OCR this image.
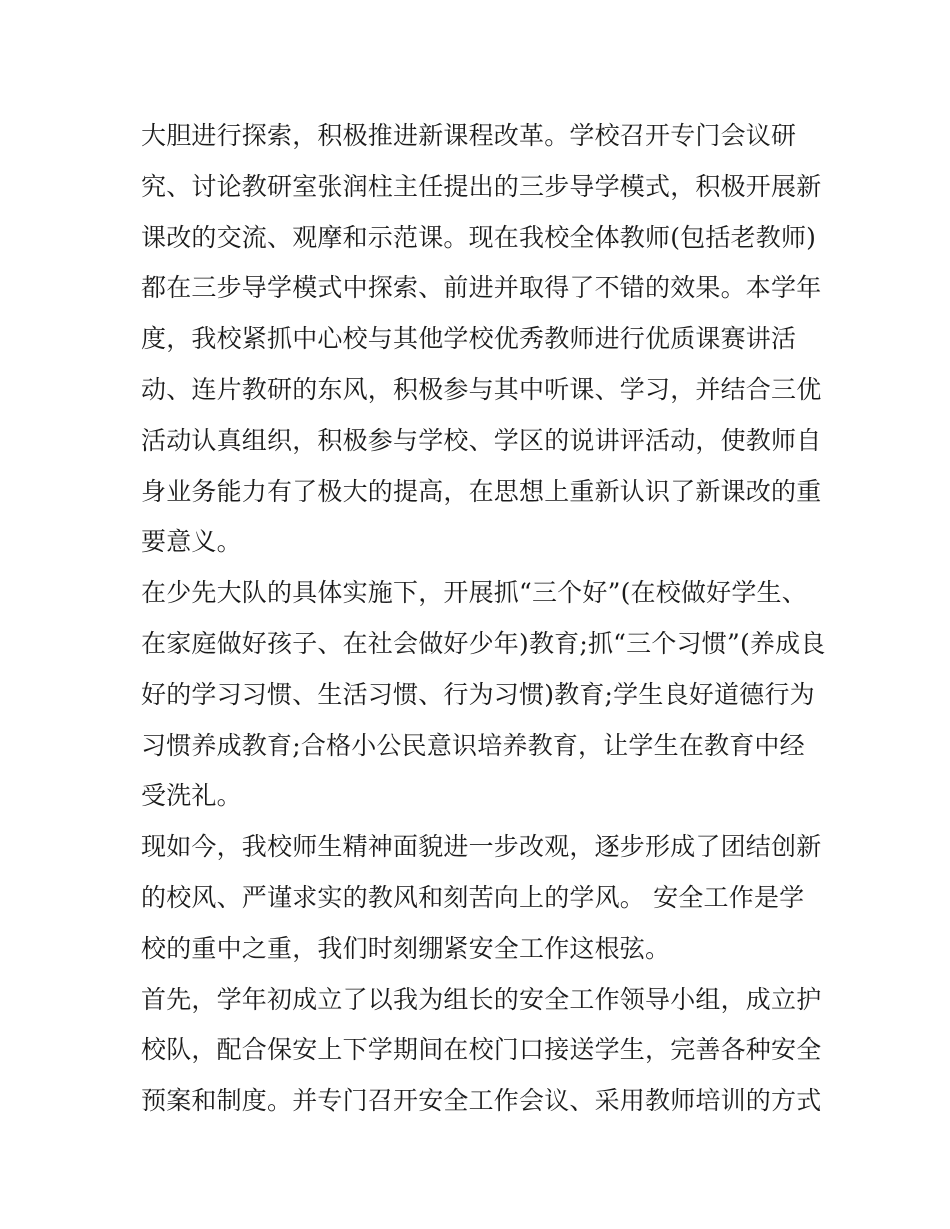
大胆进行探索，积极推进新课程改革。学校召开专门会议研
究、讨论教研室张润柱主任提出的三步导学模式，积极开展新
课改的交流、观摩和示范课。现在我校全体教师(包括老教师)
都在三步导学模式中探索、前进并取得了不错的效果。本学年
度，我校紧抓中心校与其他学校优秀教师进行优质课赛讲活
动、连片教研的东风，积极参与其中听课、学习，并结合三优
活动认真组织，积极参与学校、学区的说讲评活动，使教师自
身业务能力有了极大的提高，在思想上重新认识了新课改的重
要意义。
在少先大队的具体实施下，开展抓“三个好”(在校做好学生、
在家庭做好孩子、在社会做好少年)教育;抓“三个习惯”(养成良
好的学习习惯、生活习惯、行为习惯)教育;学生良好道德行为
习惯养成教育;合格小公民意识培养教育，让学生在教育中经
受洗礼。
现如今，我校师生精神面貌进一步改观，逐步形成了团结创新
的校风、严谨求实的教风和刻苦向上的学风。 安全工作是学
校的重中之重，我们时刻绷紧安全工作这根弦。
首先，学年初成立了以我为组长的安全工作领导小组，成立护
校队，配合保安上下学期间在校门口接送学生，完善各种安全
预案和制度。并专门召开安全工作会议、采用教师培训的方式
